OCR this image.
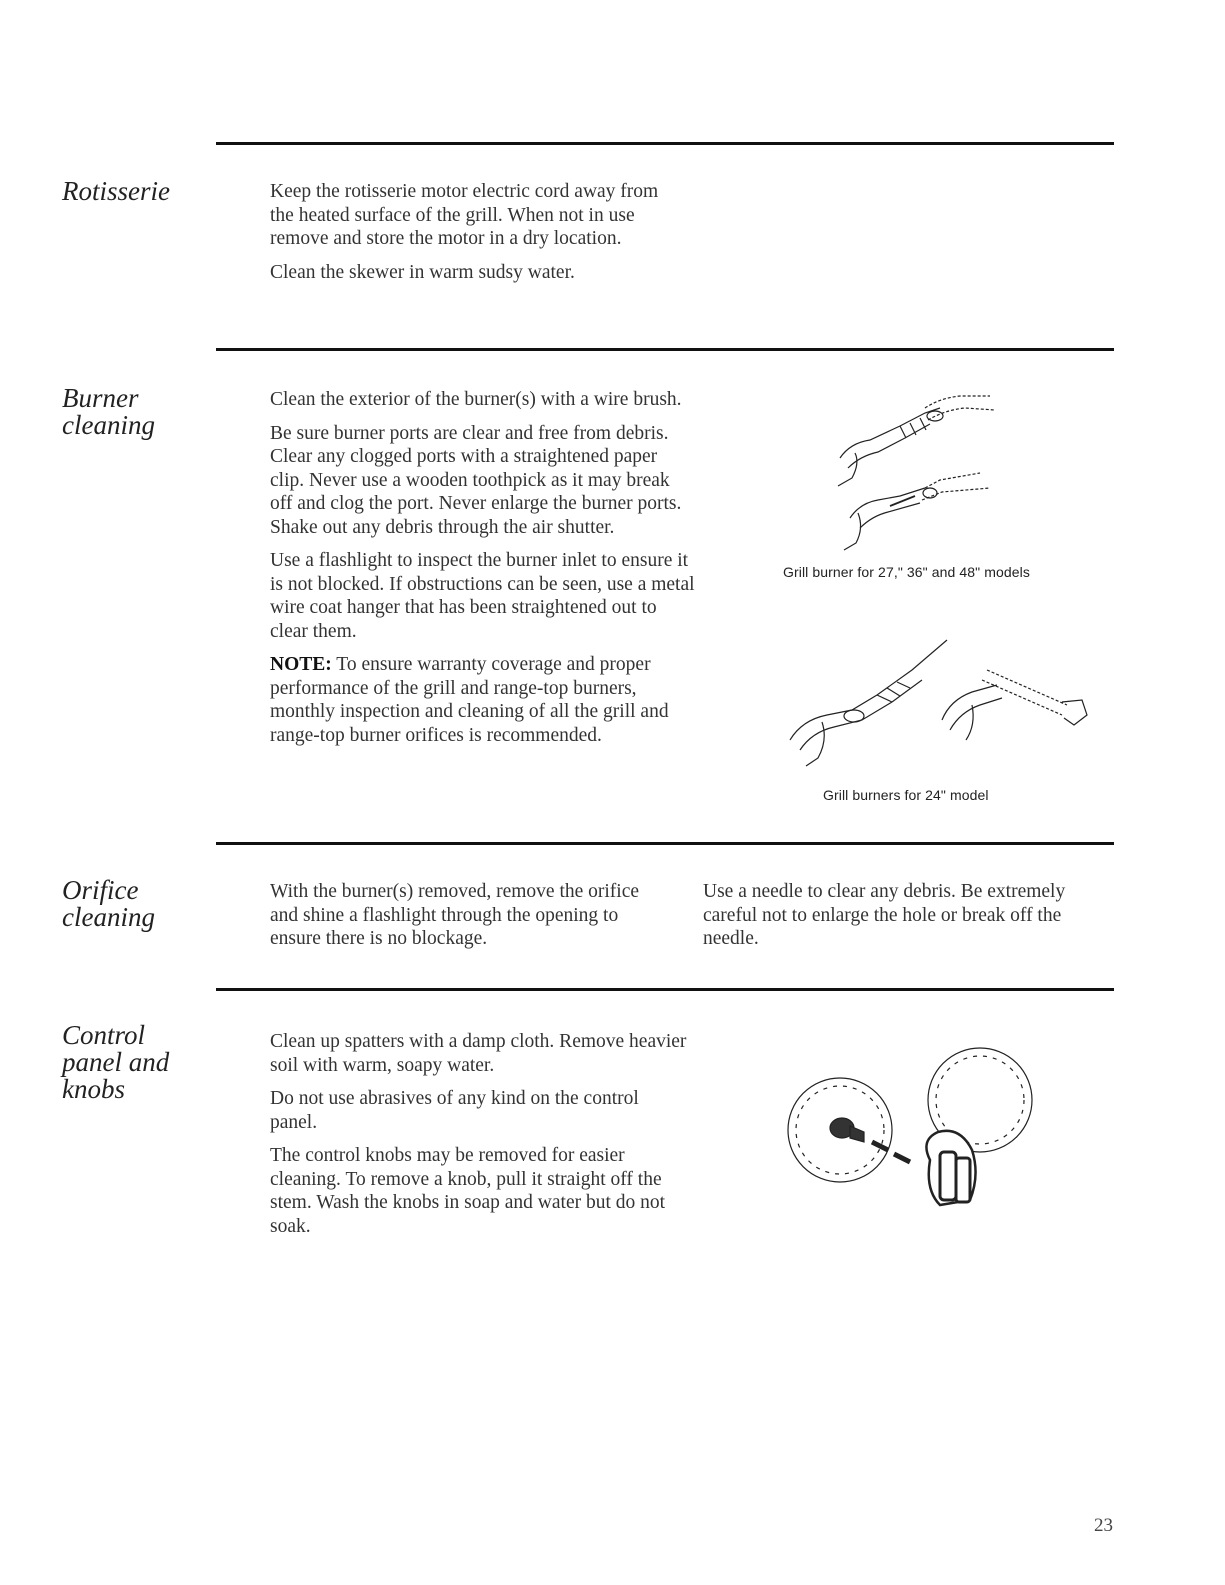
Rotisserie	Keep the rotisserie motor electric cord away from the heated surface of the grill. When not in use remove and store the motor in a dry location.

Clean the skewer in warm sudsy water.

Burner
cleaning

Clean the exterior of the burner(s) with a wire brush.

Be sure burner ports are clear and free from debris. Clear any clogged ports with a straightened paper clip. Never use a wooden toothpick as it may break off and clog the port. Never enlarge the burner ports. Shake out any debris through the air shutter.

Use a flashlight to inspect the burner inlet to ensure it is not blocked. If obstructions can be seen, use a metal wire coat hanger that has been straightened out to clear them.

NOTE: To ensure warranty coverage and proper performance of the grill and range-top burners, monthly inspection and cleaning of all the grill and range-top burner orifices is recommended.

Grill burner for 27," 36" and 48" models
Grill burners for 24" model
Orifice
cleaning

With the burner(s) removed, remove the orifice and shine a flashlight through the opening to ensure there is no blockage.

Use a needle to clear any debris. Be extremely careful not to enlarge the hole or break off the needle.

Control
panel and
knobs

Clean up spatters with a damp cloth. Remove heavier soil with warm, soapy water.

Do not use abrasives of any kind on the control panel.

The control knobs may be removed for easier cleaning. To remove a knob, pull it straight off the stem. Wash the knobs in soap and water but do not soak.

23
